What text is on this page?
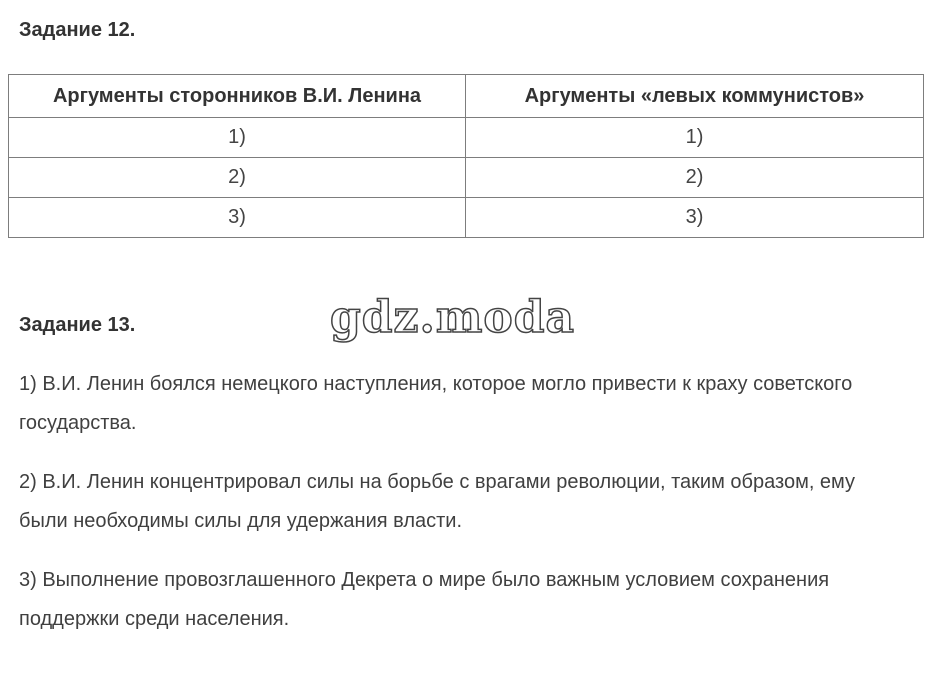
Задание 12.
Аргументы сторонников В.И. Ленина	Аргументы «левых коммунистов»
1)	1)
2)	2)
3)	3)
Задание 13.	gdz.moda

1) В.И. Ленин боялся немецкого наступления, которое могло привести к краху советского государства.

2) В.И. Ленин концентрировал силы на борьбе с врагами революции, таким образом, ему были необходимы силы для удержания власти.

3) Выполнение провозглашенного Декрета о мире было важным условием сохранения поддержки среди населения.
